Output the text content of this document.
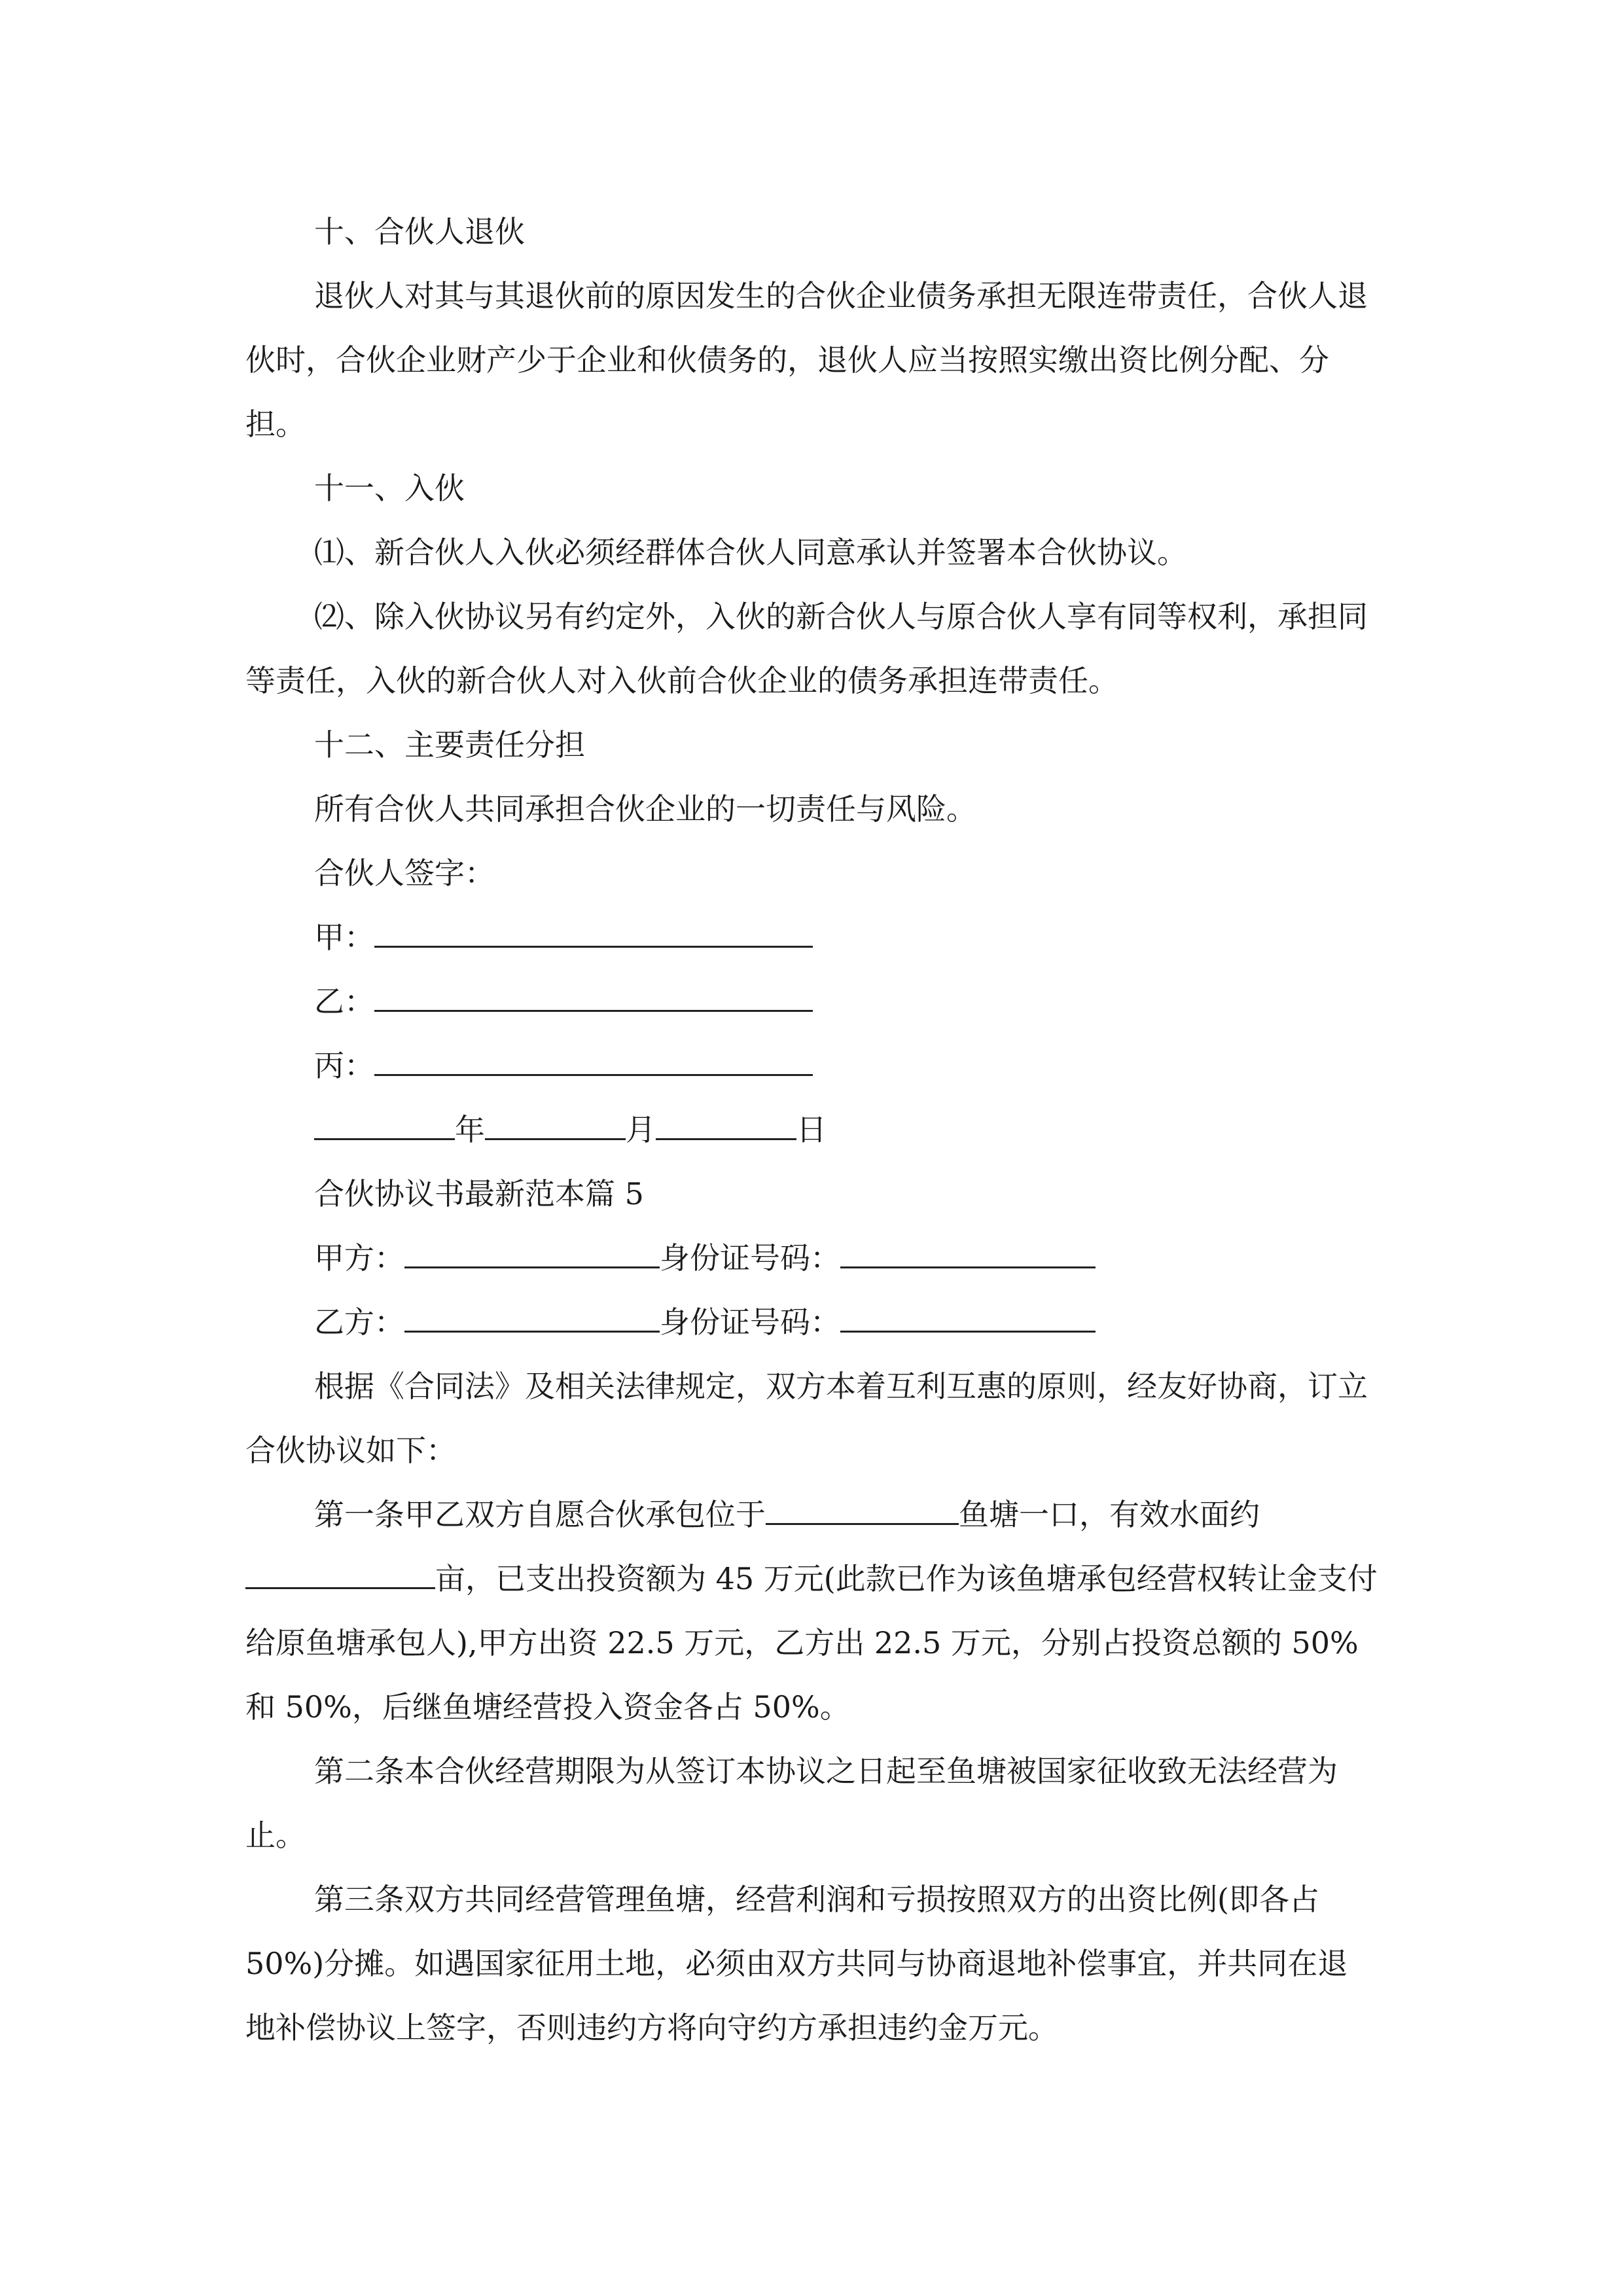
十、合伙人退伙

退伙人对其与其退伙前的原因发生的合伙企业债务承担无限连带责任，合伙人退伙时，合伙企业财产少于企业和伙债务的，退伙人应当按照实缴出资比例分配、分担。

十一、入伙

⑴、新合伙人入伙必须经群体合伙人同意承认并签署本合伙协议。

⑵、除入伙协议另有约定外，入伙的新合伙人与原合伙人享有同等权利，承担同等责任，入伙的新合伙人对入伙前合伙企业的债务承担连带责任。

十二、主要责任分担

所有合伙人共同承担合伙企业的一切责任与风险。

合伙人签字：

甲：

乙：

丙：

年	月	日

合伙协议书最新范本篇 5

甲方：	身份证号码：

乙方：	身份证号码：

根据《合同法》及相关法律规定，双方本着互利互惠的原则，经友好协商，订立合伙协议如下：

第一条甲乙双方自愿合伙承包位于	鱼塘一口，有效水面约亩，已支出投资额为 45 万元(此款已作为该鱼塘承包经营权转让金支付给原鱼塘承包人),甲方出资 22.5 万元，乙方出 22.5 万元，分别占投资总额的 50%和 50%，后继鱼塘经营投入资金各占 50%。

第二条本合伙经营期限为从签订本协议之日起至鱼塘被国家征收致无法经营为止。

第三条双方共同经营管理鱼塘，经营利润和亏损按照双方的出资比例(即各占 50%)分摊。如遇国家征用土地，必须由双方共同与协商退地补偿事宜，并共同在退地补偿协议上签字，否则违约方将向守约方承担违约金万元。
